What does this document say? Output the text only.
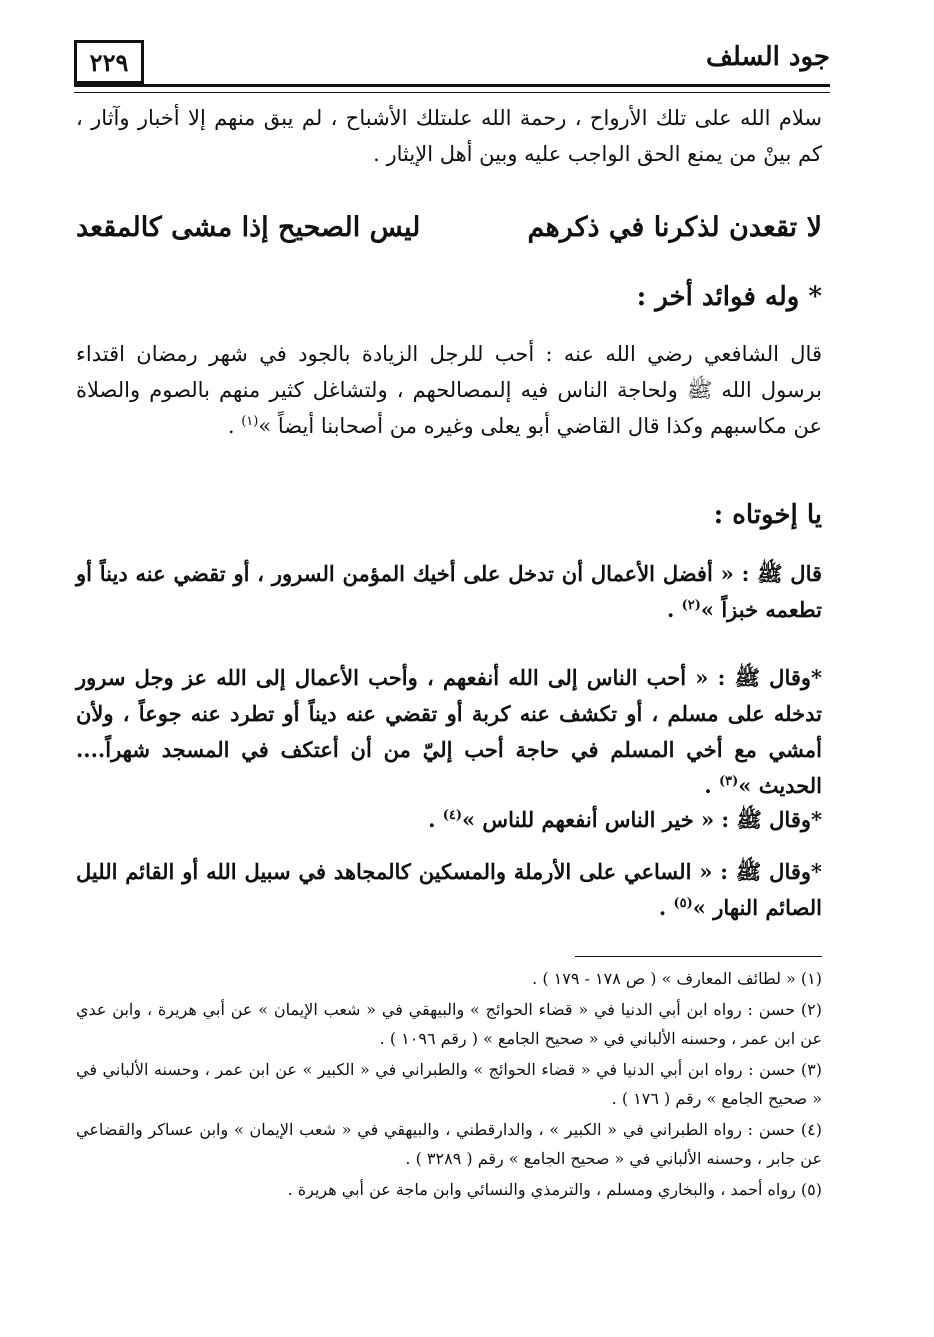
جود السلف
٢٢٩
سلام الله على تلك الأرواح ، رحمة الله علىتلك الأشباح ، لم يبق منهم إلا أخبار وآثار ، كم بينْ من يمنع الحق الواجب عليه وبين أهل الإيثار .
لا تقعدن لذكرنا في ذكرهم
ليس الصحيح إذا مشى كالمقعد
* وله فوائد أخر :
قال الشافعي رضي الله عنه : أحب للرجل الزيادة بالجود في شهر رمضان اقتداء برسول الله ﷺ ولحاجة الناس فيه إلىمصالحهم ، ولتشاغل كثير منهم بالصوم والصلاة عن مكاسبهم وكذا قال القاضي أبو يعلى وغيره من أصحابنا أيضاً »$^{(١)}$ .
يا إخوتاه :
قال ﷺ : « أفضل الأعمال أن تدخل على أخيك المؤمن السرور ، أو تقضي عنه ديناً أو تطعمه خبزاً »$^{(٢)}$ .
*وقال ﷺ : « أحب الناس إلى الله أنفعهم ، وأحب الأعمال إلى الله عز وجل سرور تدخله على مسلم ، أو تكشف عنه كربة أو تقضي عنه ديناً أو تطرد عنه جوعاً ، ولأن أمشي مع أخي المسلم في حاجة أحب إليّ من أن أعتكف في المسجد شهراً.... الحديث »$^{(٣)}$ .
*وقال ﷺ : « خير الناس أنفعهم للناس »$^{(٤)}$ .
*وقال ﷺ : « الساعي على الأرملة والمسكين كالمجاهد في سبيل الله أو القائم الليل الصائم النهار »$^{(٥)}$ .

(١) « لطائف المعارف » ( ص ١٧٨ - ١٧٩ ) .

(٢) حسن : رواه ابن أبي الدنيا في « قضاء الحوائج » والبيهقي في « شعب الإيمان » عن أبي هريرة ، وابن عدي عن ابن عمر ، وحسنه الألباني في « صحيح الجامع » ( رقم ١٠٩٦ ) .

(٣) حسن : رواه ابن أبي الدنيا في « قضاء الحوائج » والطبراني في « الكبير » عن ابن عمر ، وحسنه الألباني في « صحيح الجامع » رقم ( ١٧٦ ) .

(٤) حسن : رواه الطبراني في « الكبير » ، والدارقطني ، والبيهقي في « شعب الإيمان » وابن عساكر والقضاعي عن جابر ، وحسنه الألباني في « صحيح الجامع » رقم ( ٣٢٨٩ ) .

(٥) رواه أحمد ، والبخاري ومسلم ، والترمذي والنسائي وابن ماجة عن أبي هريرة .
